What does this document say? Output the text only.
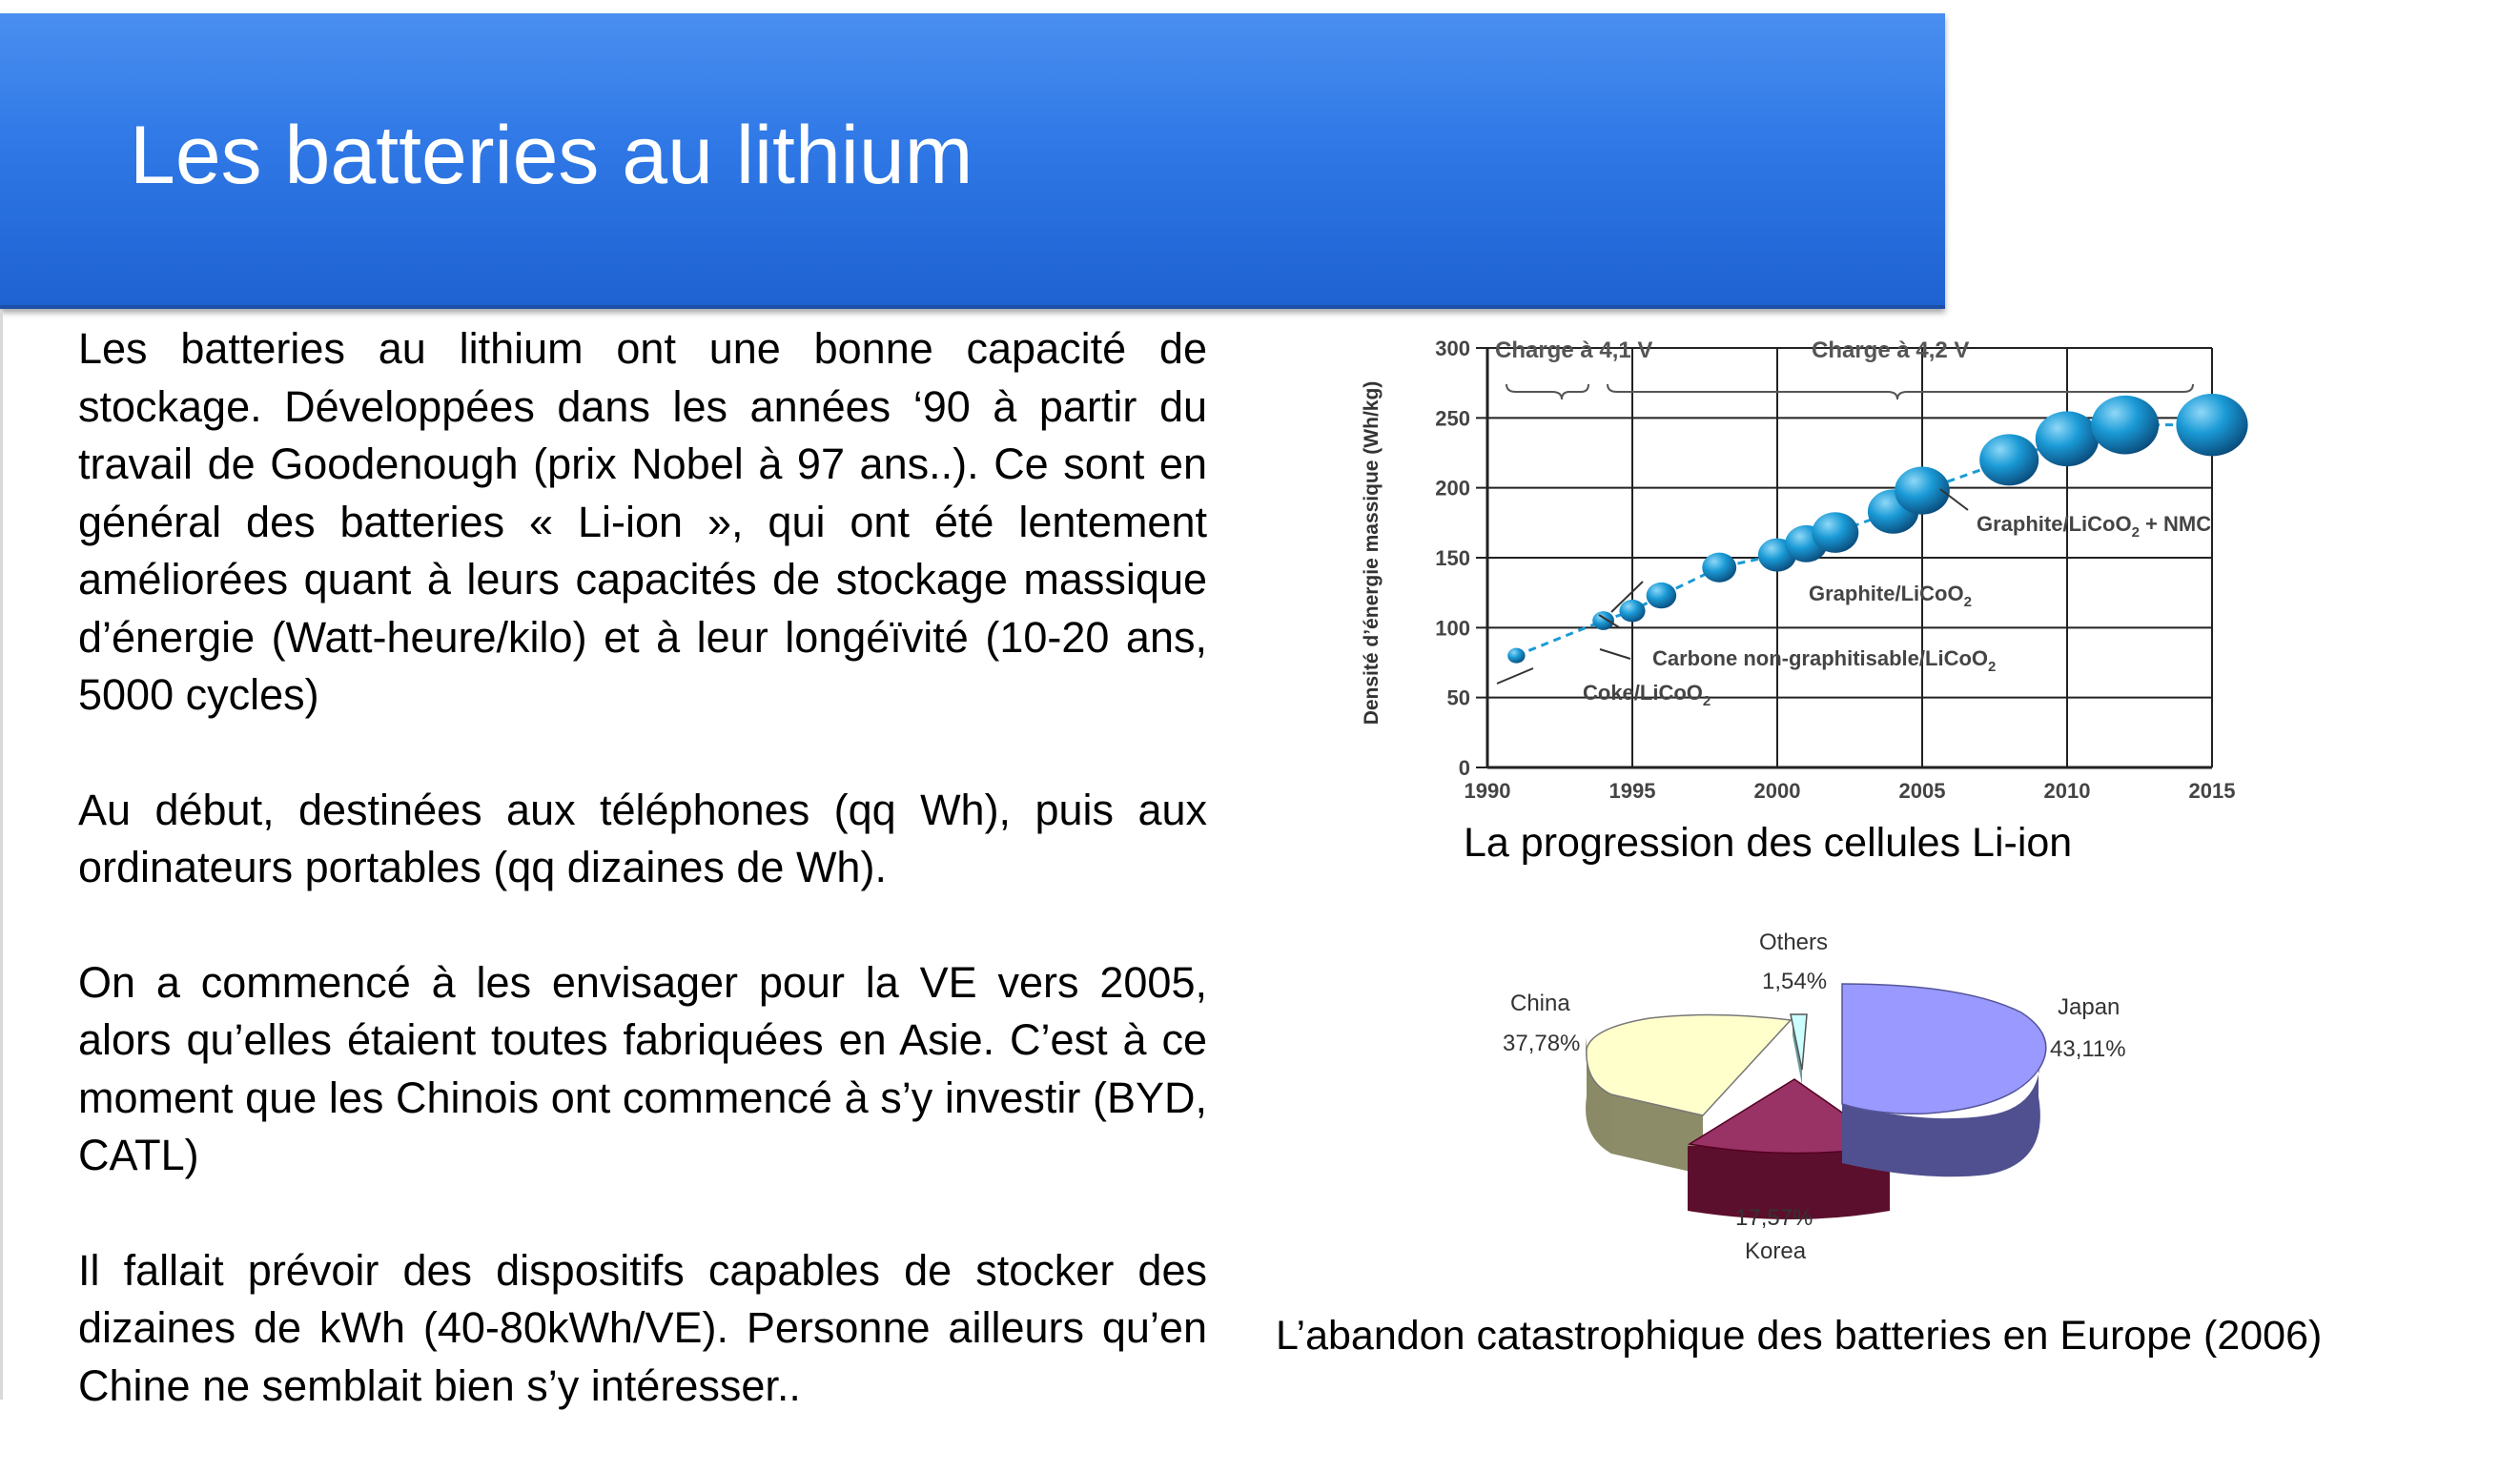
Les batteries au lithium

Les batteries au lithium ont une bonne capacité de stockage. Développées dans les années ‘90 à partir du travail de Goodenough (prix Nobel à 97 ans..). Ce sont en général des batteries « Li-ion », qui ont été lentement améliorées quant à leurs capacités de stockage massique d’énergie (Watt-heure/kilo) et à leur longéïvité (10-20 ans, 5000 cycles)

Au début, destinées aux téléphones (qq Wh), puis aux ordinateurs portables (qq dizaines de Wh).

On a commencé à les envisager pour la VE vers 2005, alors qu’elles étaient toutes fabriquées en Asie. C’est à ce moment que les Chinois ont commencé à s’y investir (BYD, CATL)

Il fallait prévoir des dispositifs capables de stocker des dizaines de kWh (40-80kWh/VE). Personne ailleurs qu’en Chine ne semblait bien s’y intéresser..

0
50
100
150
200
250
300
1990	1995	2000	2005	2010	2015
Densité d’énergie massique (Wh/kg)
Charge à 4,1 V	Charge à 4,2 V
Coke/LiCoO$_2$
Carbone non-graphitisable/LiCoO$_2$
Graphite/LiCoO$_2$
Graphite/LiCoO$_2$ + NMC
La progression des cellules Li-ion
Others
1,54%
China
37,78%
Japan
43,11%
17,57%
Korea
L’abandon catastrophique des batteries en Europe (2006)
